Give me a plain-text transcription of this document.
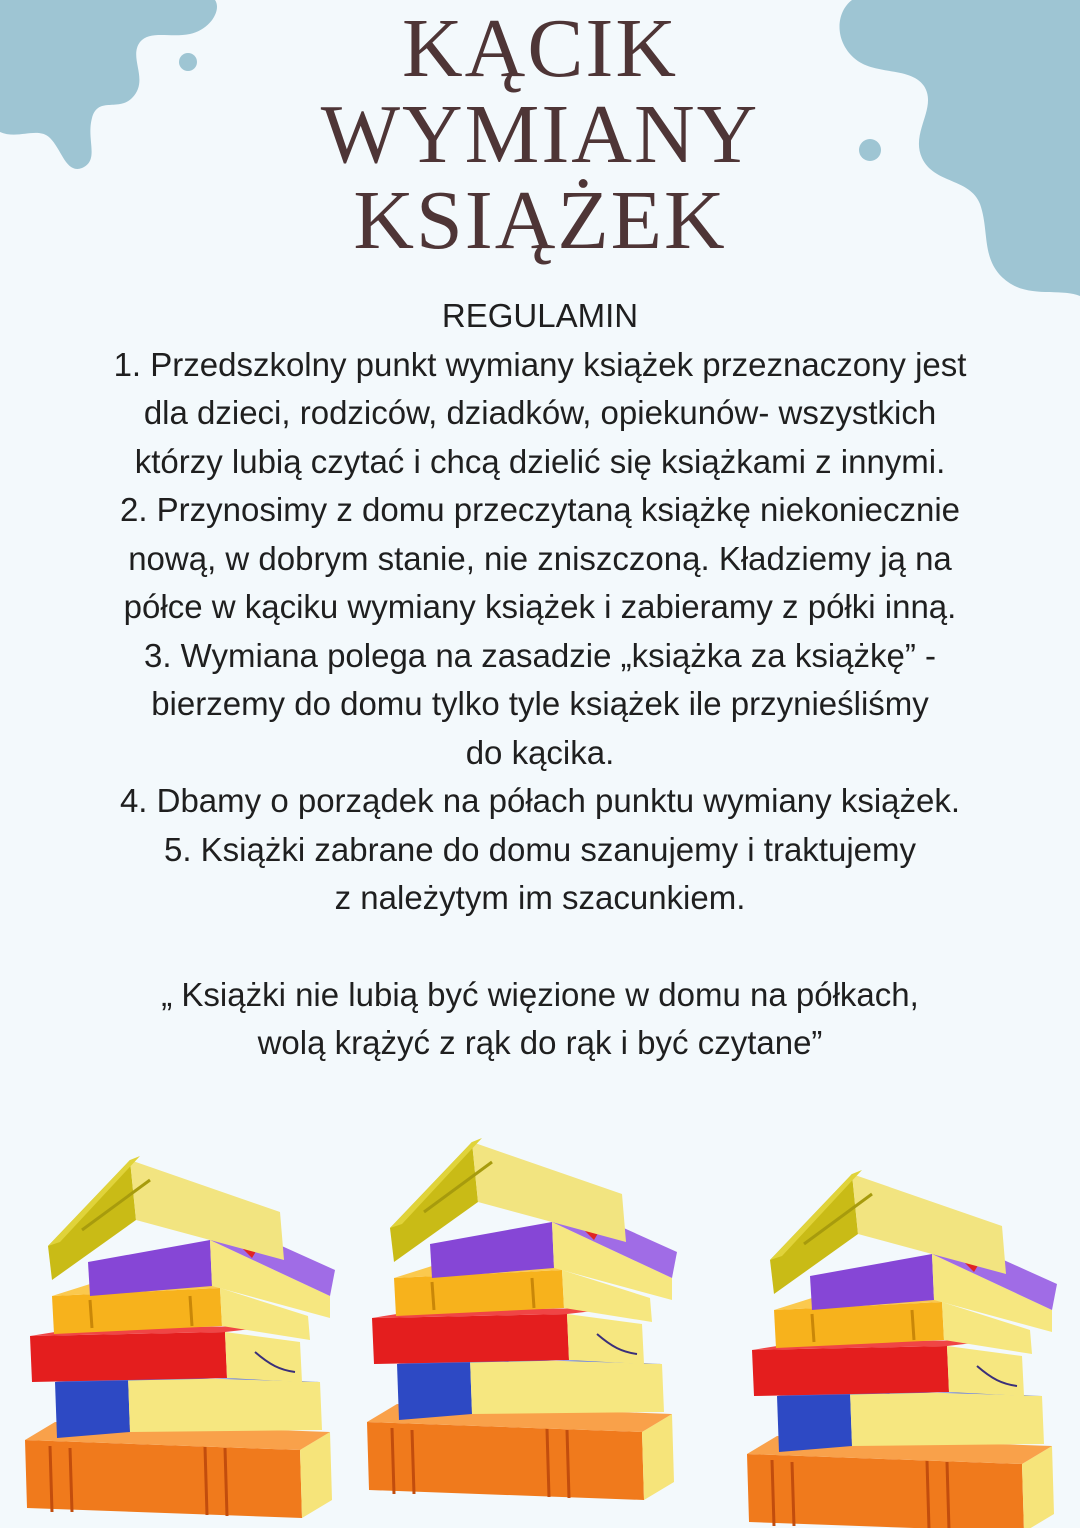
KĄCIK
WYMIANY
KSIĄŻEK

REGULAMIN

1. Przedszkolny punkt wymiany książek przeznaczony jest

dla dzieci, rodziców, dziadków, opiekunów- wszystkich

którzy lubią czytać i chcą dzielić się książkami z innymi.

2. Przynosimy z domu przeczytaną książkę niekoniecznie

nową, w dobrym stanie, nie zniszczoną. Kładziemy ją na

półce w kąciku wymiany książek i zabieramy z półki inną.

3. Wymiana polega na zasadzie „książka za książkę” -

bierzemy do domu tylko tyle książek ile przynieśliśmy

do kącika.

4. Dbamy o porządek na półach punktu wymiany książek.

5. Książki zabrane do domu szanujemy i traktujemy

z należytym im szacunkiem.

„ Książki nie lubią być więzione w domu na półkach,

wolą krążyć z rąk do rąk i być czytane”
